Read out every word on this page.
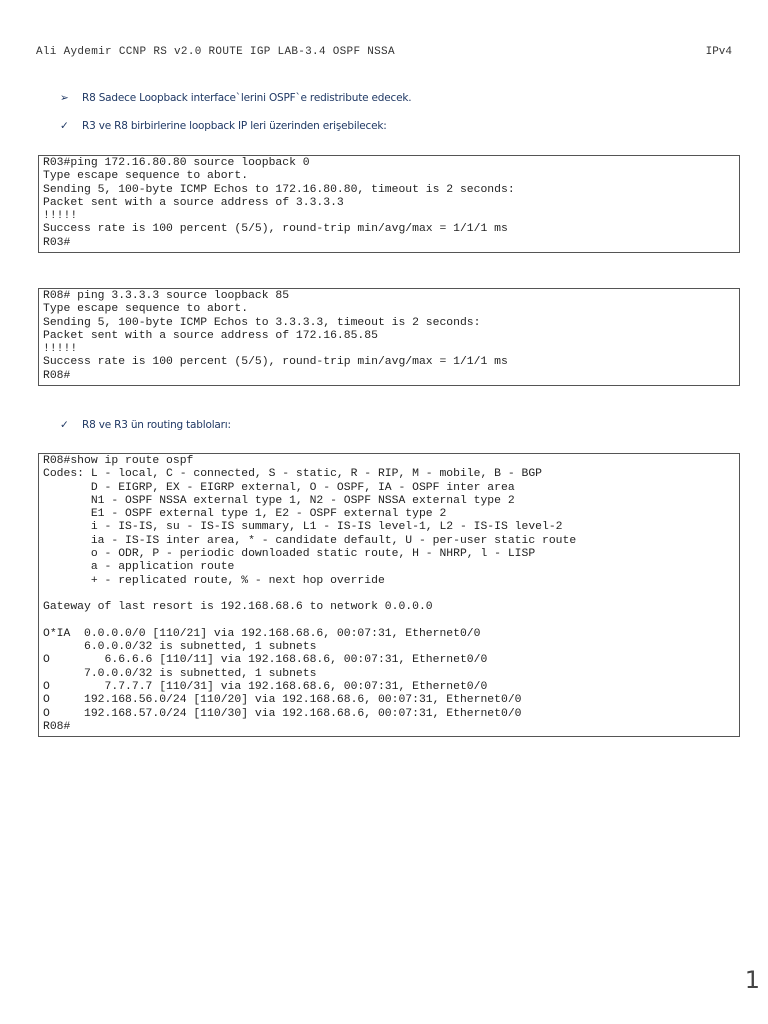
Ali Aydemir CCNP RS v2.0 ROUTE IGP LAB-3.4 OSPF NSSA	IPv4
➢ R8 Sadece Loopback interface`lerini OSPF`e redistribute edecek.
✓ R3 ve R8 birbirlerine loopback IP leri üzerinden erişebilecek:
R03#ping 172.16.80.80 source loopback 0
Type escape sequence to abort.
Sending 5, 100-byte ICMP Echos to 172.16.80.80, timeout is 2 seconds:
Packet sent with a source address of 3.3.3.3
!!!!!
Success rate is 100 percent (5/5), round-trip min/avg/max = 1/1/1 ms
R03#
R08# ping 3.3.3.3 source loopback 85
Type escape sequence to abort.
Sending 5, 100-byte ICMP Echos to 3.3.3.3, timeout is 2 seconds:
Packet sent with a source address of 172.16.85.85
!!!!!
Success rate is 100 percent (5/5), round-trip min/avg/max = 1/1/1 ms
R08#
✓ R8 ve R3 ün routing tabloları:
R08#show ip route ospf
Codes: L - local, C - connected, S - static, R - RIP, M - mobile, B - BGP
D - EIGRP, EX - EIGRP external, O - OSPF, IA - OSPF inter area
N1 - OSPF NSSA external type 1, N2 - OSPF NSSA external type 2
E1 - OSPF external type 1, E2 - OSPF external type 2
i - IS-IS, su - IS-IS summary, L1 - IS-IS level-1, L2 - IS-IS level-2
ia - IS-IS inter area, * - candidate default, U - per-user static route
o - ODR, P - periodic downloaded static route, H - NHRP, l - LISP
a - application route
+ - replicated route, % - next hop override
Gateway of last resort is 192.168.68.6 to network 0.0.0.0
O*IA  0.0.0.0/0 [110/21] via 192.168.68.6, 00:07:31, Ethernet0/0
6.0.0.0/32 is subnetted, 1 subnets
O        6.6.6.6 [110/11] via 192.168.68.6, 00:07:31, Ethernet0/0
7.0.0.0/32 is subnetted, 1 subnets
O        7.7.7.7 [110/31] via 192.168.68.6, 00:07:31, Ethernet0/0
O     192.168.56.0/24 [110/20] via 192.168.68.6, 00:07:31, Ethernet0/0
O     192.168.57.0/24 [110/30] via 192.168.68.6, 00:07:31, Ethernet0/0
R08#
1
